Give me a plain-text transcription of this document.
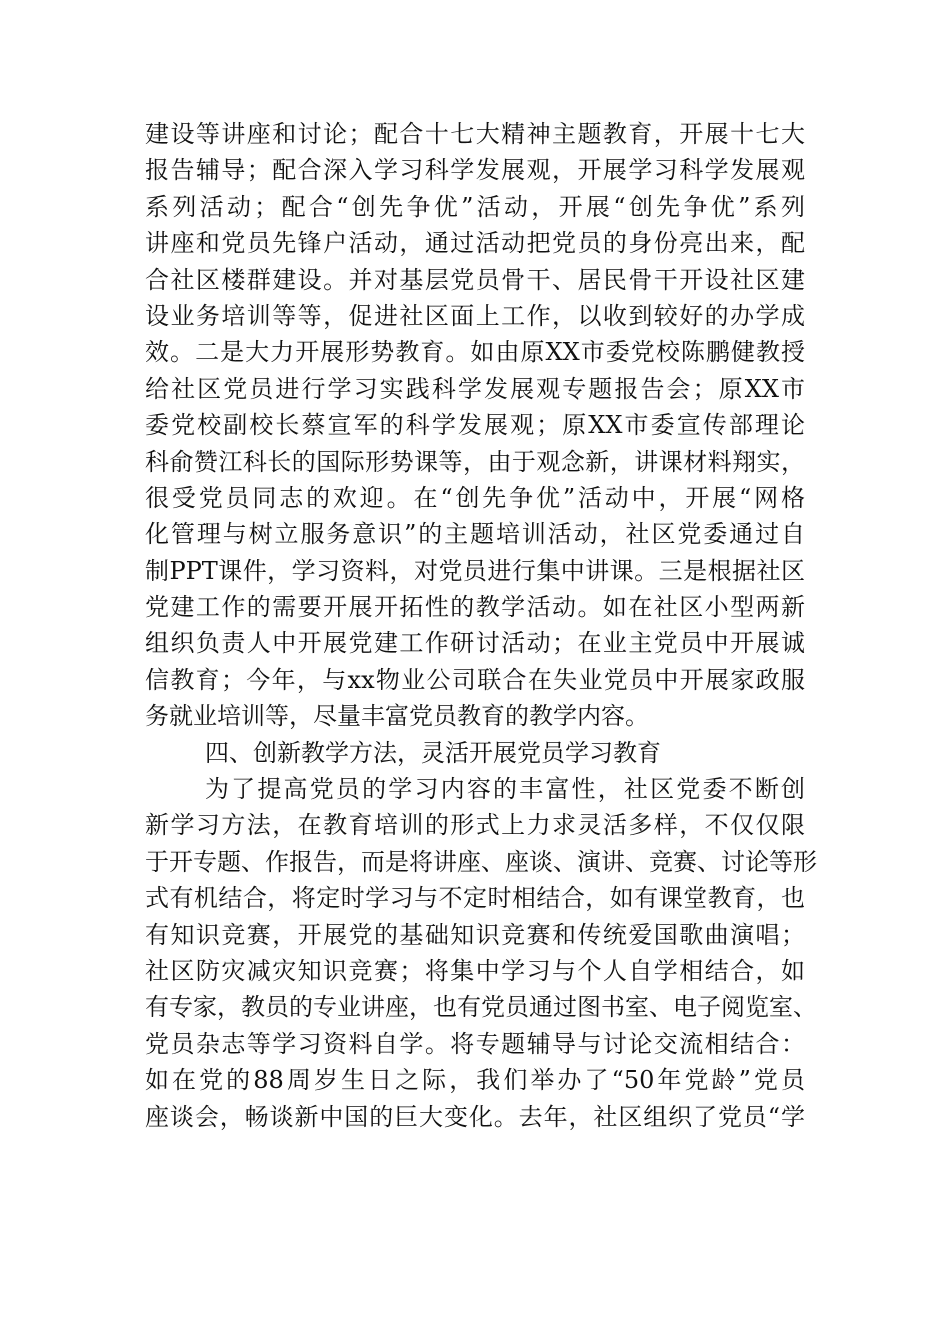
建设等讲座和讨论；配合十七大精神主题教育，开展十七大
报告辅导；配合深入学习科学发展观，开展学习科学发展观
系列活动；配合“创先争优”活动，开展“创先争优”系列
讲座和党员先锋户活动，通过活动把党员的身份亮出来，配
合社区楼群建设。并对基层党员骨干、居民骨干开设社区建
设业务培训等等，促进社区面上工作，以收到较好的办学成
效。二是大力开展形势教育。如由原XX市委党校陈鹏健教授
给社区党员进行学习实践科学发展观专题报告会；原XX市
委党校副校长蔡宣军的科学发展观；原XX市委宣传部理论
科俞赞江科长的国际形势课等，由于观念新，讲课材料翔实，
很受党员同志的欢迎。在“创先争优”活动中，开展“网格
化管理与树立服务意识”的主题培训活动，社区党委通过自
制PPT课件，学习资料，对党员进行集中讲课。三是根据社区
党建工作的需要开展开拓性的教学活动。如在社区小型两新
组织负责人中开展党建工作研讨活动；在业主党员中开展诚
信教育；今年，与xx物业公司联合在失业党员中开展家政服
务就业培训等，尽量丰富党员教育的教学内容。
四、创新教学方法，灵活开展党员学习教育
为了提高党员的学习内容的丰富性，社区党委不断创
新学习方法，在教育培训的形式上力求灵活多样，不仅仅限
于开专题、作报告，而是将讲座、座谈、演讲、竞赛、讨论等形
式有机结合，将定时学习与不定时相结合，如有课堂教育，也
有知识竞赛，开展党的基础知识竞赛和传统爱国歌曲演唱；
社区防灾减灾知识竞赛；将集中学习与个人自学相结合，如
有专家，教员的专业讲座，也有党员通过图书室、电子阅览室、
党员杂志等学习资料自学。将专题辅导与讨论交流相结合：
如在党的88周岁生日之际，我们举办了“50年党龄”党员
座谈会，畅谈新中国的巨大变化。去年，社区组织了党员“学
